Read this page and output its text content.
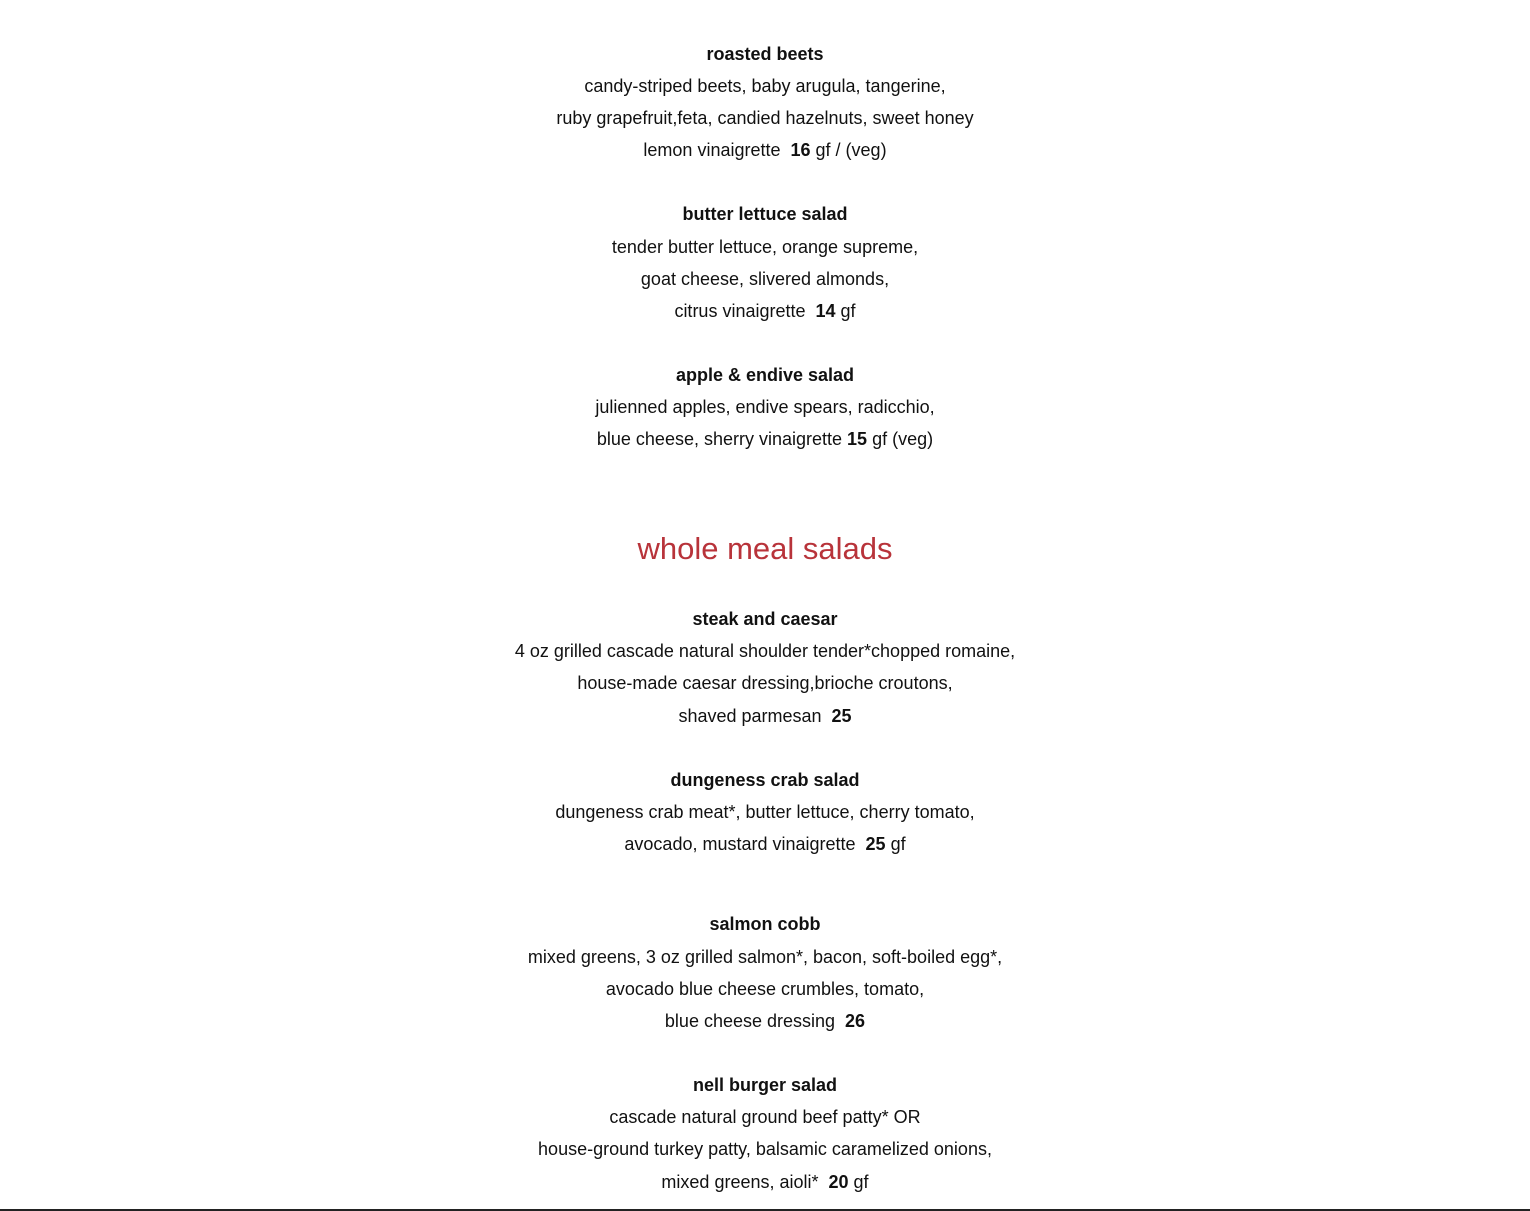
roasted beets
candy-striped beets, baby arugula, tangerine,
ruby grapefruit,feta, candied hazelnuts, sweet honey
lemon vinaigrette  16 gf / (veg)
butter lettuce salad
tender butter lettuce, orange supreme,
goat cheese, slivered almonds,
citrus vinaigrette  14 gf
apple & endive salad
julienned apples, endive spears, radicchio,
blue cheese, sherry vinaigrette 15 gf (veg)
whole meal salads
steak and caesar
4 oz grilled cascade natural shoulder tender*chopped romaine,
house-made caesar dressing,brioche croutons,
shaved parmesan  25
dungeness crab salad
dungeness crab meat*, butter lettuce, cherry tomato,
avocado, mustard vinaigrette  25 gf
salmon cobb
mixed greens, 3 oz grilled salmon*, bacon, soft-boiled egg*,
avocado blue cheese crumbles, tomato,
blue cheese dressing  26
nell burger salad
cascade natural ground beef patty* OR
house-ground turkey patty, balsamic caramelized onions,
mixed greens, aioli*  20 gf
